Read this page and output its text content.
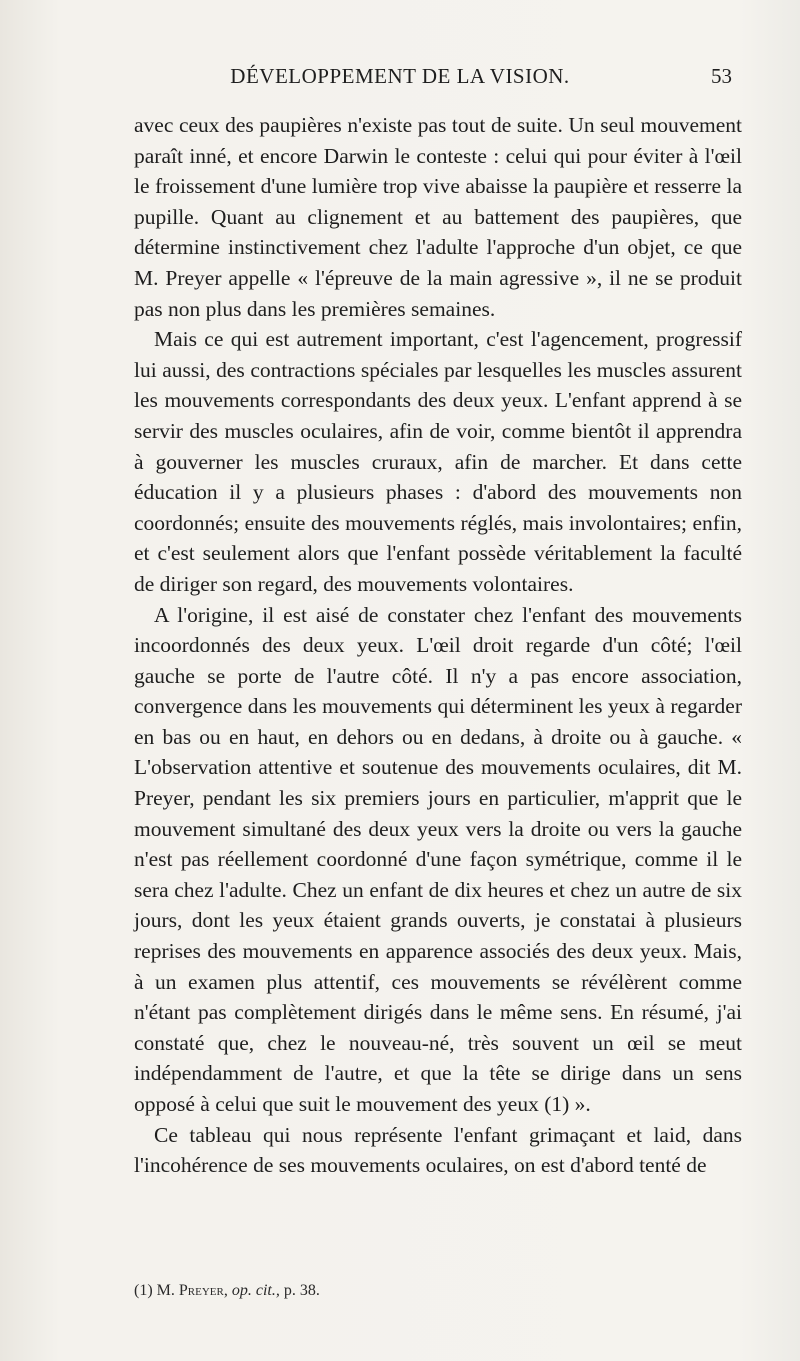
DÉVELOPPEMENT DE LA VISION.	53

avec ceux des paupières n'existe pas tout de suite. Un seul mouvement paraît inné, et encore Darwin le conteste : celui qui pour éviter à l'œil le froissement d'une lumière trop vive abaisse la paupière et resserre la pupille. Quant au clignement et au battement des paupières, que détermine instinctivement chez l'adulte l'approche d'un objet, ce que M. Preyer appelle « l'épreuve de la main agressive », il ne se produit pas non plus dans les premières semaines.

Mais ce qui est autrement important, c'est l'agencement, progressif lui aussi, des contractions spéciales par lesquelles les muscles assurent les mouvements correspondants des deux yeux. L'enfant apprend à se servir des muscles oculaires, afin de voir, comme bientôt il apprendra à gouverner les muscles cruraux, afin de marcher. Et dans cette éducation il y a plusieurs phases : d'abord des mouvements non coordonnés; ensuite des mouvements réglés, mais involontaires; enfin, et c'est seulement alors que l'enfant possède véritablement la faculté de diriger son regard, des mouvements volontaires.

A l'origine, il est aisé de constater chez l'enfant des mouvements incoordonnés des deux yeux. L'œil droit regarde d'un côté; l'œil gauche se porte de l'autre côté. Il n'y a pas encore association, convergence dans les mouvements qui déterminent les yeux à regarder en bas ou en haut, en dehors ou en dedans, à droite ou à gauche. « L'observation attentive et soutenue des mouvements oculaires, dit M. Preyer, pendant les six premiers jours en particulier, m'apprit que le mouvement simultané des deux yeux vers la droite ou vers la gauche n'est pas réellement coordonné d'une façon symétrique, comme il le sera chez l'adulte. Chez un enfant de dix heures et chez un autre de six jours, dont les yeux étaient grands ouverts, je constatai à plusieurs reprises des mouvements en apparence associés des deux yeux. Mais, à un examen plus attentif, ces mouvements se révélèrent comme n'étant pas complètement dirigés dans le même sens. En résumé, j'ai constaté que, chez le nouveau-né, très souvent un œil se meut indépendamment de l'autre, et que la tête se dirige dans un sens opposé à celui que suit le mouvement des yeux (1) ».

Ce tableau qui nous représente l'enfant grimaçant et laid, dans l'incohérence de ses mouvements oculaires, on est d'abord tenté de

(1) M. Preyer, op. cit., p. 38.
